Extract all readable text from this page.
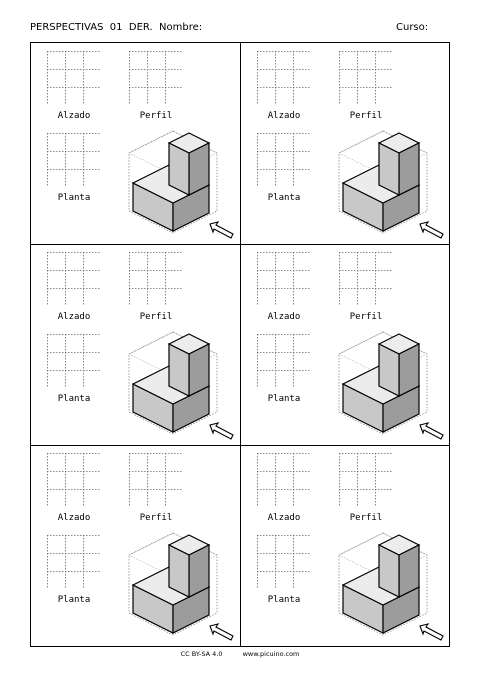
PERSPECTIVAS  01  DER.  Nombre:	Curso:
Alzado	Perfil
Planta
Alzado	Perfil
Planta
Alzado	Perfil
Planta
Alzado	Perfil
Planta
Alzado	Perfil
Planta
Alzado	Perfil
Planta
CC BY-SA 4.0	www.picuino.com
